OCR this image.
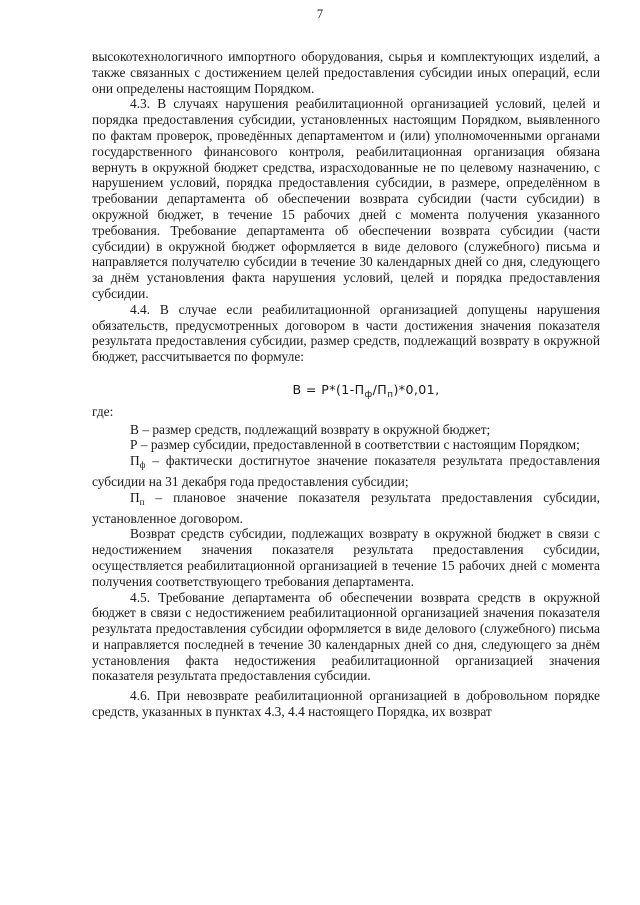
7

высокотехнологичного импортного оборудования, сырья и комплектующих изделий, а также связанных с достижением целей предоставления субсидии иных операций, если они определены настоящим Порядком.

4.3. В случаях нарушения реабилитационной организацией условий, целей и порядка предоставления субсидии, установленных настоящим Порядком, выявленного по фактам проверок, проведённых департаментом и (или) уполномоченными органами государственного финансового контроля, реабилитационная организация обязана вернуть в окружной бюджет средства, израсходованные не по целевому назначению, с нарушением условий, порядка предоставления субсидии, в размере, определённом в требовании департамента об обеспечении возврата субсидии (части субсидии) в окружной бюджет, в течение 15 рабочих дней с момента получения указанного требования. Требование департамента об обеспечении возврата субсидии (части субсидии) в окружной бюджет оформляется в виде делового (служебного) письма и направляется получателю субсидии в течение 30 календарных дней со дня, следующего за днём установления факта нарушения условий, целей и порядка предоставления субсидии.

4.4. В случае если реабилитационной организацией допущены нарушения обязательств, предусмотренных договором в части достижения значения показателя результата предоставления субсидии, размер средств, подлежащий возврату в окружной бюджет, рассчитывается по формуле:

$В = Р*(1-П_ф/П_п)*0,01$,

где:

В – размер средств, подлежащий возврату в окружной бюджет;

Р – размер субсидии, предоставленной в соответствии с настоящим Порядком;

$П_ф$ – фактически достигнутое значение показателя результата предоставления субсидии на 31 декабря года предоставления субсидии;

$П_п$ – плановое значение показателя результата предоставления субсидии, установленное договором.

Возврат средств субсидии, подлежащих возврату в окружной бюджет в связи с недостижением значения показателя результата предоставления субсидии, осуществляется реабилитационной организацией в течение 15 рабочих дней с момента получения соответствующего требования департамента.

4.5. Требование департамента об обеспечении возврата средств в окружной бюджет в связи с недостижением реабилитационной организацией значения показателя результата предоставления субсидии оформляется в виде делового (служебного) письма и направляется последней в течение 30 календарных дней со дня, следующего за днём установления факта недостижения реабилитационной организацией значения показателя результата предоставления субсидии.

4.6. При невозврате реабилитационной организацией в добровольном порядке средств, указанных в пунктах 4.3, 4.4 настоящего Порядка, их возврат
